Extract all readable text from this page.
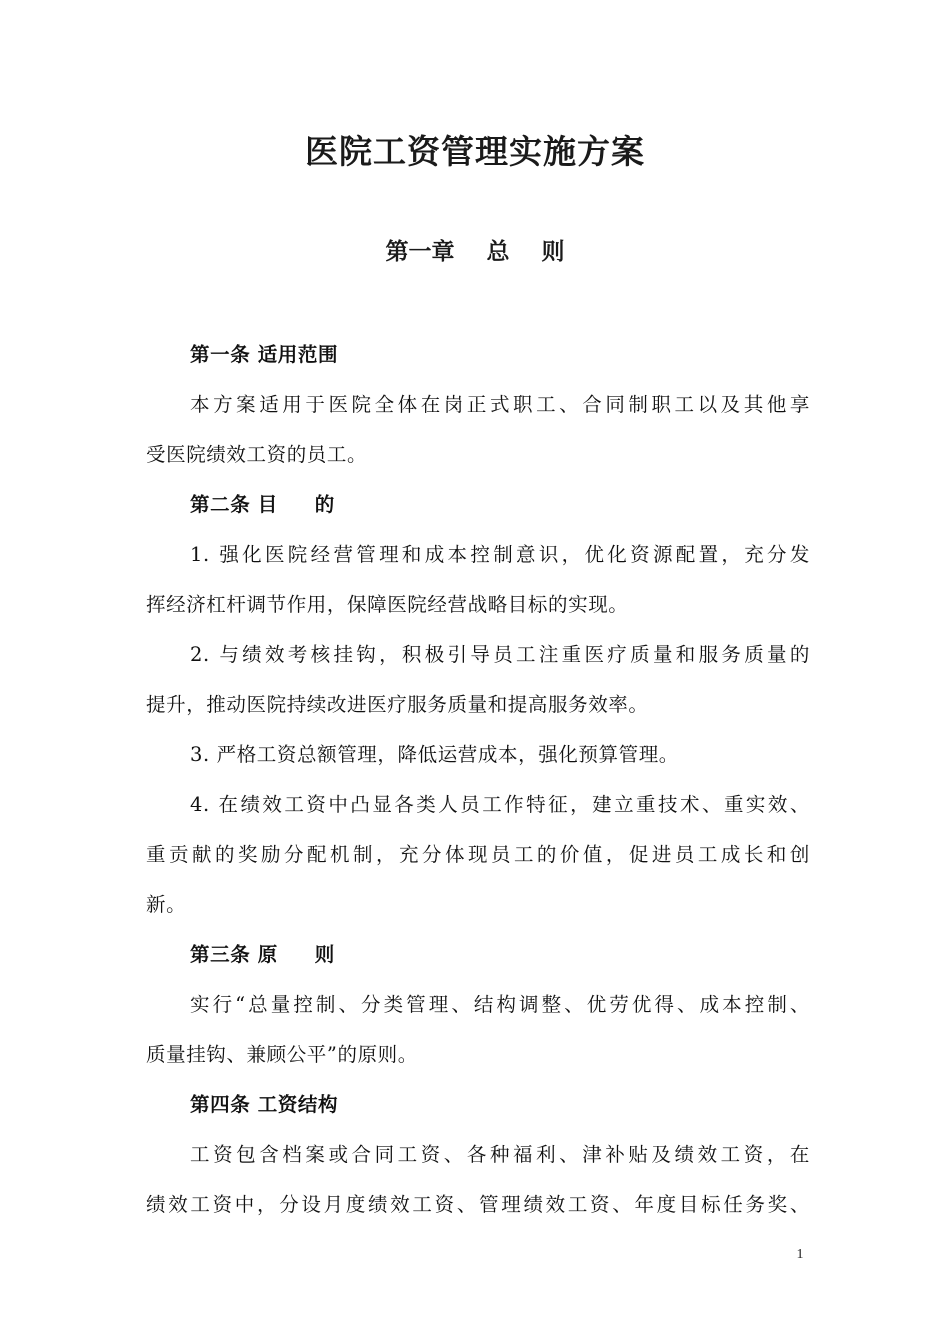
医院工资管理实施方案
第一章    总    则
第一条 适用范围
本方案适用于医院全体在岗正式职工、合同制职工以及其他享
受医院绩效工资的员工。
第二条 目     的
1. 强化医院经营管理和成本控制意识，优化资源配置，充分发
挥经济杠杆调节作用，保障医院经营战略目标的实现。
2. 与绩效考核挂钩，积极引导员工注重医疗质量和服务质量的
提升，推动医院持续改进医疗服务质量和提高服务效率。
3. 严格工资总额管理，降低运营成本，强化预算管理。
4. 在绩效工资中凸显各类人员工作特征，建立重技术、重实效、
重贡献的奖励分配机制，充分体现员工的价值，促进员工成长和创
新。
第三条 原     则
实行“总量控制、分类管理、结构调整、优劳优得、成本控制、
质量挂钩、兼顾公平”的原则。
第四条 工资结构
工资包含档案或合同工资、各种福利、津补贴及绩效工资，在
绩效工资中，分设月度绩效工资、管理绩效工资、年度目标任务奖、
1
